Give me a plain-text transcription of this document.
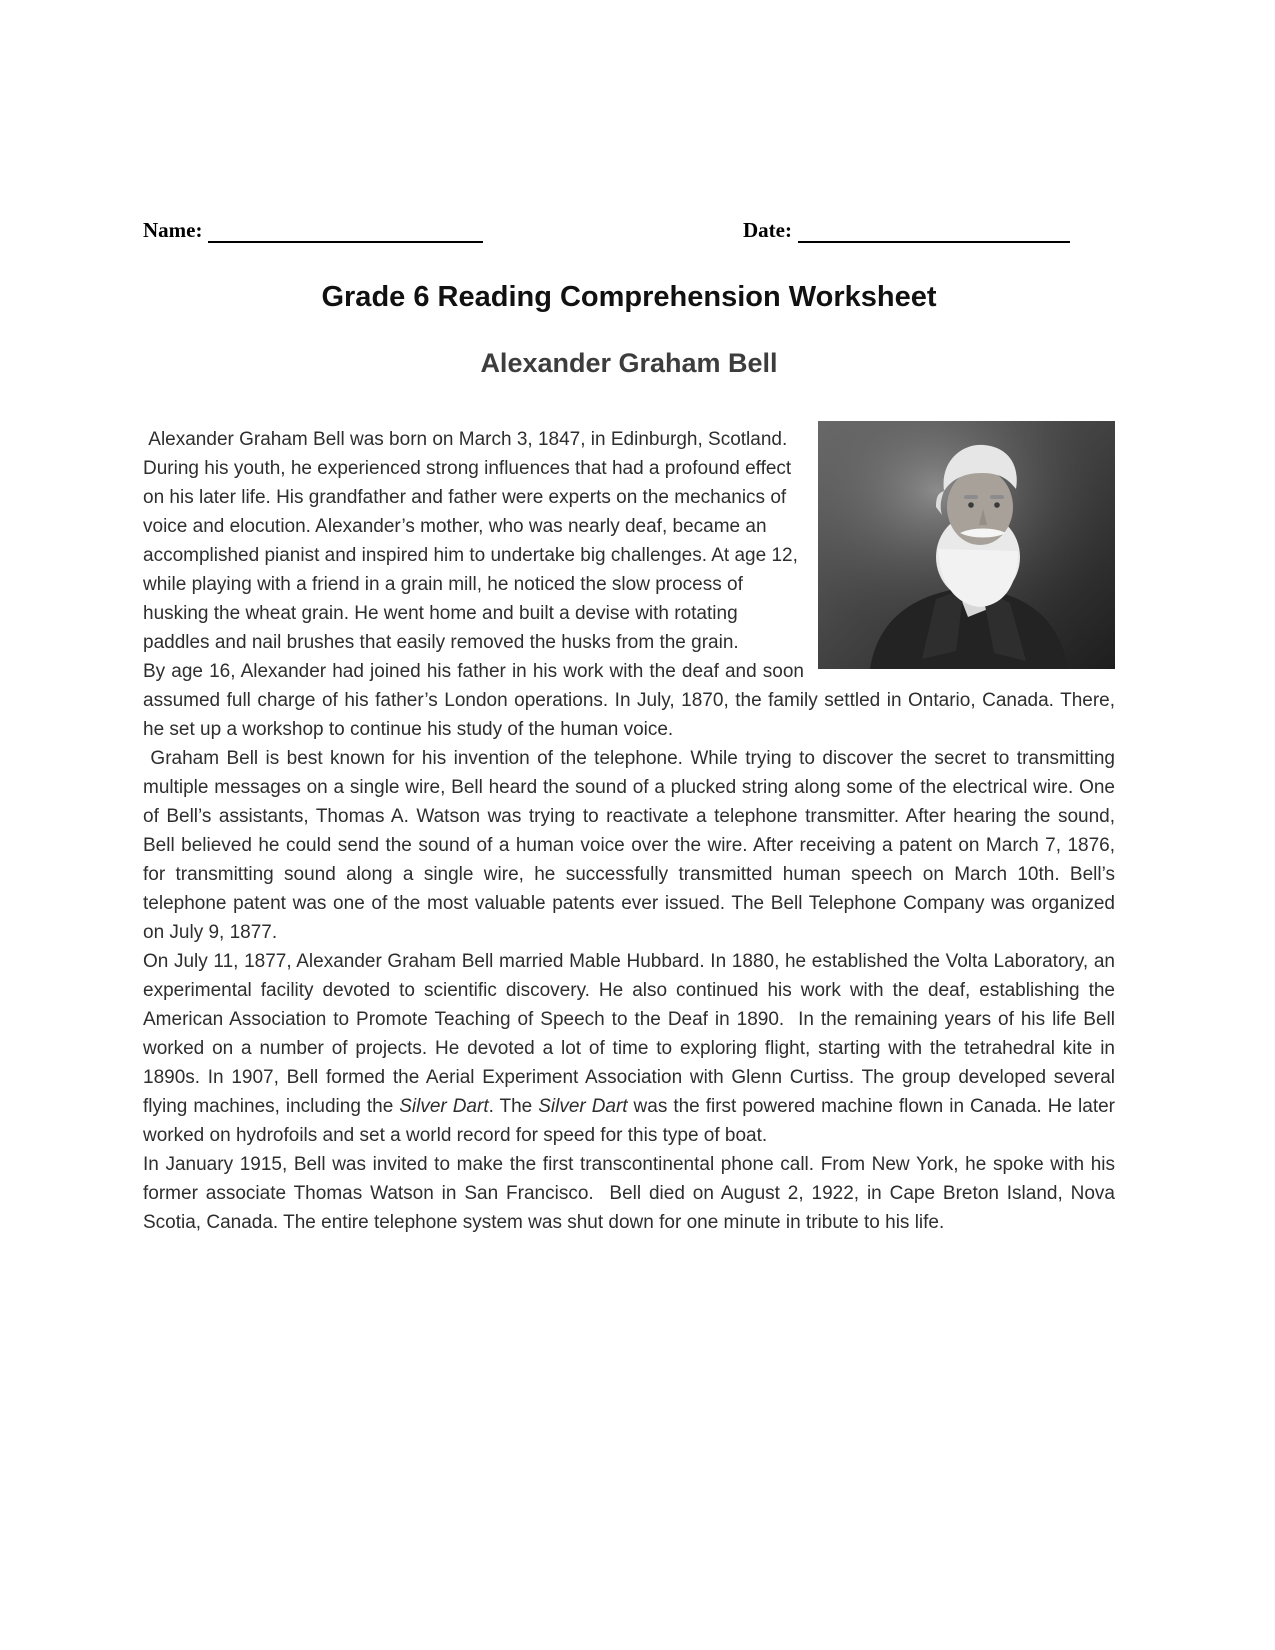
Name:	Date:
Grade 6 Reading Comprehension Worksheet
Alexander Graham Bell

Alexander Graham Bell was born on March 3, 1847, in Edinburgh, Scotland. During his youth, he experienced strong influences that had a profound effect on his later life. His grandfather and father were experts on the mechanics of voice and elocution. Alexander’s mother, who was nearly deaf, became an accomplished pianist and inspired him to undertake big challenges. At age 12, while playing with a friend in a grain mill, he noticed the slow process of husking the wheat grain. He went home and built a devise with rotating paddles and nail brushes that easily removed the husks from the grain.

By age 16, Alexander had joined his father in his work with the deaf and soon assumed full charge of his father’s London operations. In July, 1870, the family settled in Ontario, Canada. There, he set up a workshop to continue his study of the human voice.

Graham Bell is best known for his invention of the telephone. While trying to discover the secret to transmitting multiple messages on a single wire, Bell heard the sound of a plucked string along some of the electrical wire. One of Bell’s assistants, Thomas A. Watson was trying to reactivate a telephone transmitter. After hearing the sound, Bell believed he could send the sound of a human voice over the wire. After receiving a patent on March 7, 1876, for transmitting sound along a single wire, he successfully transmitted human speech on March 10th. Bell’s telephone patent was one of the most valuable patents ever issued. The Bell Telephone Company was organized on July 9, 1877.

On July 11, 1877, Alexander Graham Bell married Mable Hubbard. In 1880, he established the Volta Laboratory, an experimental facility devoted to scientific discovery. He also continued his work with the deaf, establishing the American Association to Promote Teaching of Speech to the Deaf in 1890.  In the remaining years of his life Bell worked on a number of projects. He devoted a lot of time to exploring flight, starting with the tetrahedral kite in 1890s. In 1907, Bell formed the Aerial Experiment Association with Glenn Curtiss. The group developed several flying machines, including the Silver Dart. The Silver Dart was the first powered machine flown in Canada. He later worked on hydrofoils and set a world record for speed for this type of boat.

In January 1915, Bell was invited to make the first transcontinental phone call. From New York, he spoke with his former associate Thomas Watson in San Francisco.  Bell died on August 2, 1922, in Cape Breton Island, Nova Scotia, Canada. The entire telephone system was shut down for one minute in tribute to his life.
